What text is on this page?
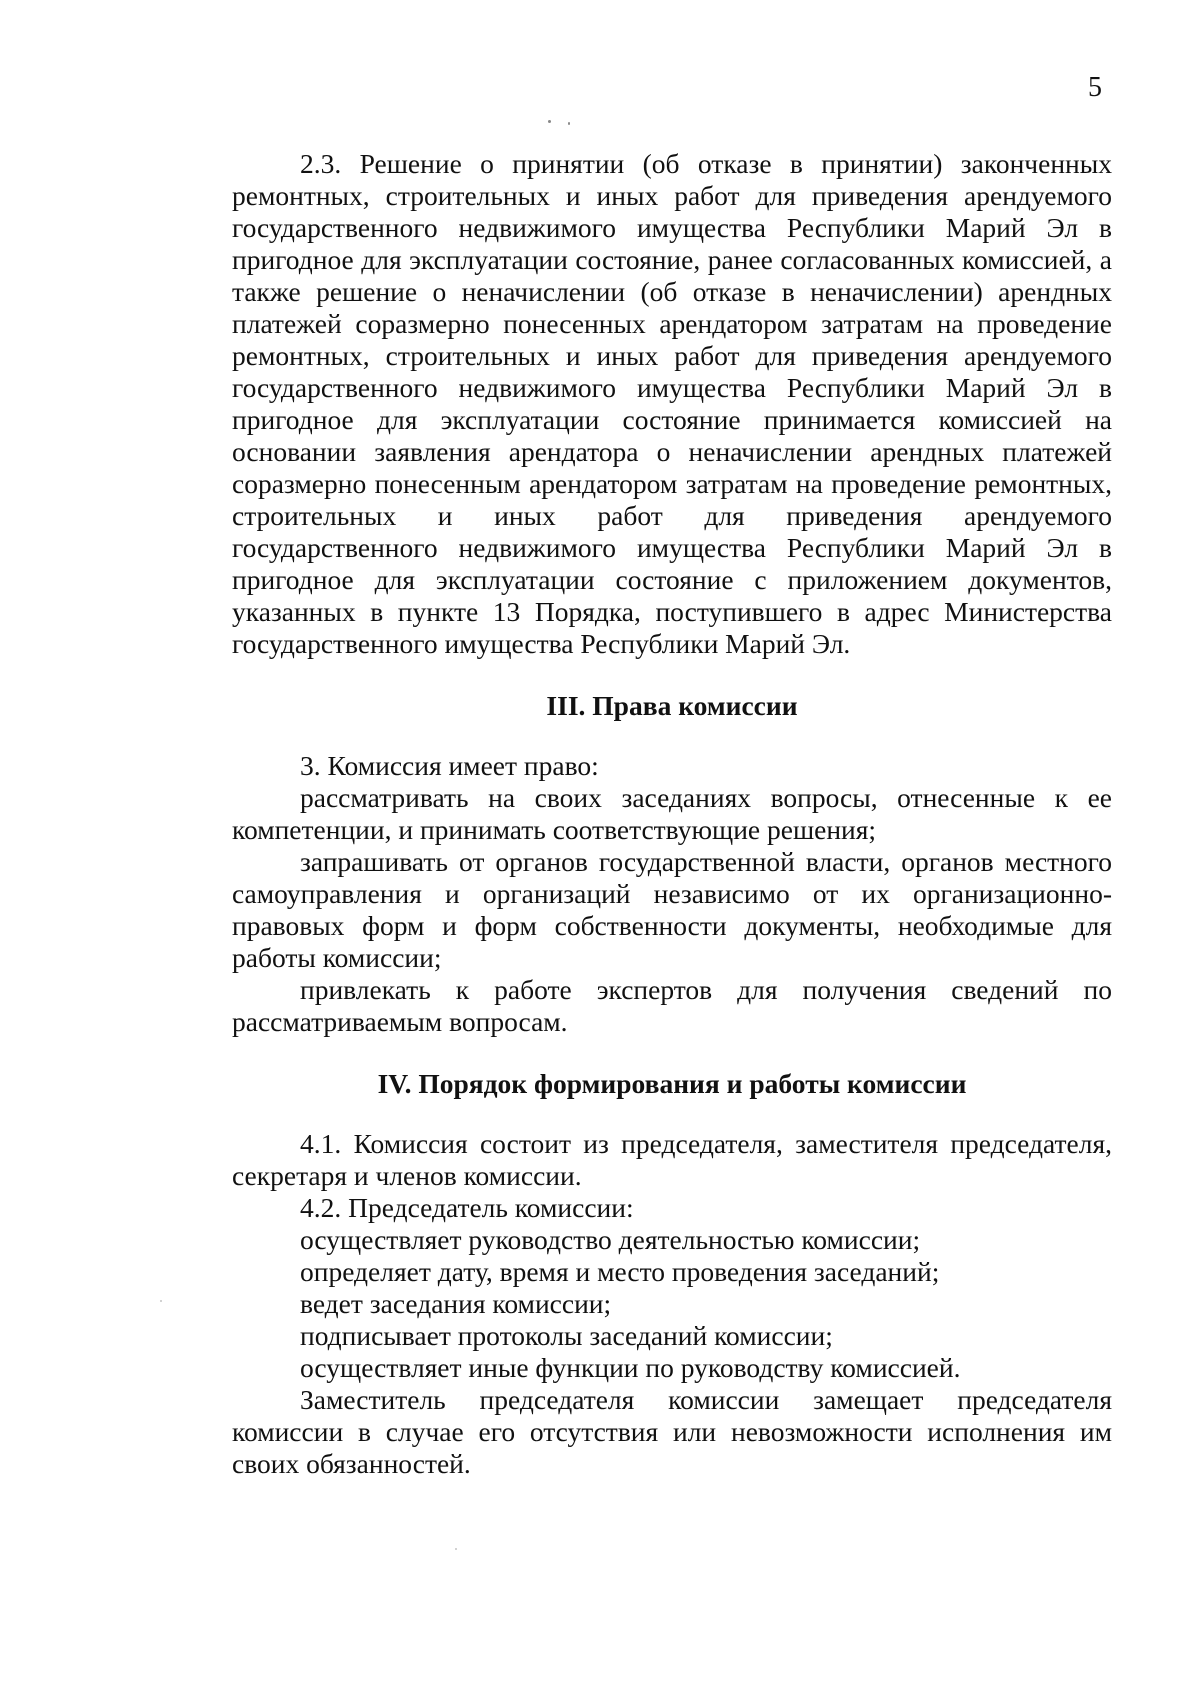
5

2.3. Решение о принятии (об отказе в принятии) законченных ремонтных, строительных и иных работ для приведения арендуемого государственного недвижимого имущества Республики Марий Эл в пригодное для эксплуатации состояние, ранее согласованных комиссией, а также решение о неначислении (об отказе в неначислении) арендных платежей соразмерно понесенных арендатором затратам на проведение ремонтных, строительных и иных работ для приведения арендуемого государственного недвижимого имущества Республики Марий Эл в пригодное для эксплуатации состояние принимается комиссией на основании заявления арендатора о неначислении арендных платежей соразмерно понесенным арендатором затратам на проведение ремонтных, строительных и иных работ для приведения арендуемого государственного недвижимого имущества Республики Марий Эл в пригодное для эксплуатации состояние с приложением документов, указанных в пункте 13 Порядка, поступившего в адрес Министерства государственного имущества Республики Марий Эл.

III. Права комиссии

3. Комиссия имеет право:

рассматривать на своих заседаниях вопросы, отнесенные к ее компетенции, и принимать соответствующие решения;

запрашивать от органов государственной власти, органов местного самоуправления и организаций независимо от их организационно-правовых форм и форм собственности документы, необходимые для работы комиссии;

привлекать к работе экспертов для получения сведений по рассматриваемым вопросам.

IV. Порядок формирования и работы комиссии

4.1. Комиссия состоит из председателя, заместителя председателя, секретаря и членов комиссии.

4.2. Председатель комиссии:

осуществляет руководство деятельностью комиссии;

определяет дату, время и место проведения заседаний;

ведет заседания комиссии;

подписывает протоколы заседаний комиссии;

осуществляет иные функции по руководству комиссией.

Заместитель председателя комиссии замещает председателя комиссии в случае его отсутствия или невозможности исполнения им своих обязанностей.
